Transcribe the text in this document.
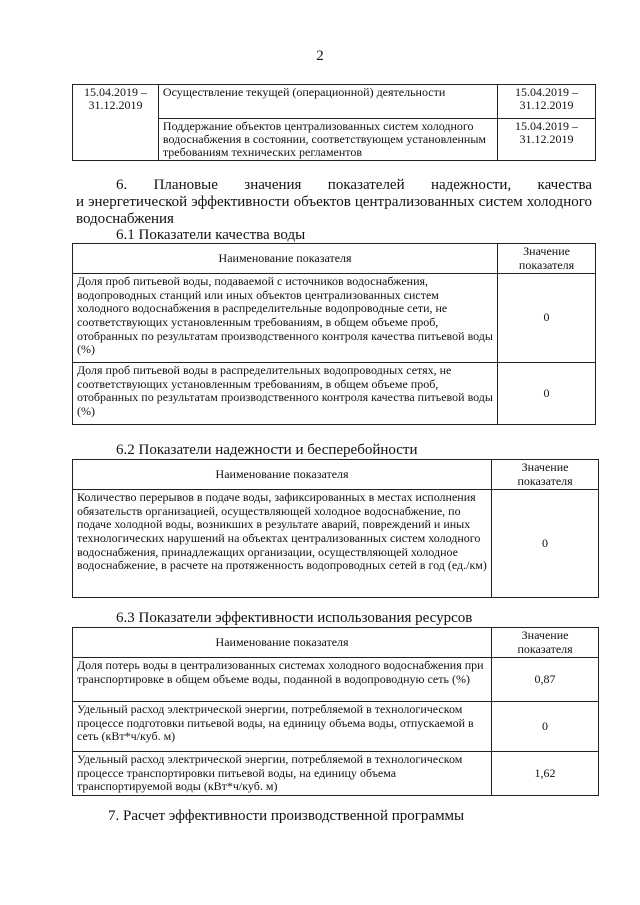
2
15.04.2019 – 31.12.2019	Осуществление текущей (операционной) деятельности	15.04.2019 – 31.12.2019
	Поддержание объектов централизованных систем холодного водоснабжения в состоянии, соответствующем установленным требованиям технических регламентов	15.04.2019 – 31.12.2019
6. Плановые значения показателей надежности, качества
и энергетической эффективности объектов централизованных систем холодного водоснабжения
6.1 Показатели качества воды
Наименование показателя	Значение показателя
Доля проб питьевой воды, подаваемой с источников водоснабжения, водопроводных станций или иных объектов централизованных систем холодного водоснабжения в распределительные водопроводные сети, не соответствующих установленным требованиям, в общем объеме проб, отобранных по результатам производственного контроля качества питьевой воды (%)	0
Доля проб питьевой воды в распределительных водопроводных сетях, не соответствующих установленным требованиям, в общем объеме проб, отобранных по результатам производственного контроля качества питьевой воды (%)	0
6.2 Показатели надежности и бесперебойности
Наименование показателя	Значение показателя
Количество перерывов в подаче воды, зафиксированных в местах исполнения обязательств организацией, осуществляющей холодное водоснабжение, по подаче холодной воды, возникших в результате аварий, повреждений и иных технологических нарушений на объектах централизованных систем холодного водоснабжения, принадлежащих организации, осуществляющей холодное водоснабжение, в расчете на протяженность водопроводных сетей в год (ед./км)	0
6.3 Показатели эффективности использования ресурсов
Наименование показателя	Значение показателя
Доля потерь воды в централизованных системах холодного водоснабжения при транспортировке в общем объеме воды, поданной в водопроводную сеть (%)	0,87
Удельный расход электрической энергии, потребляемой в технологическом процессе подготовки питьевой воды, на единицу объема воды, отпускаемой в сеть (кВт*ч/куб. м)	0
Удельный расход электрической энергии, потребляемой в технологическом процессе транспортировки питьевой воды, на единицу объема транспортируемой воды (кВт*ч/куб. м)	1,62
7. Расчет эффективности производственной программы
